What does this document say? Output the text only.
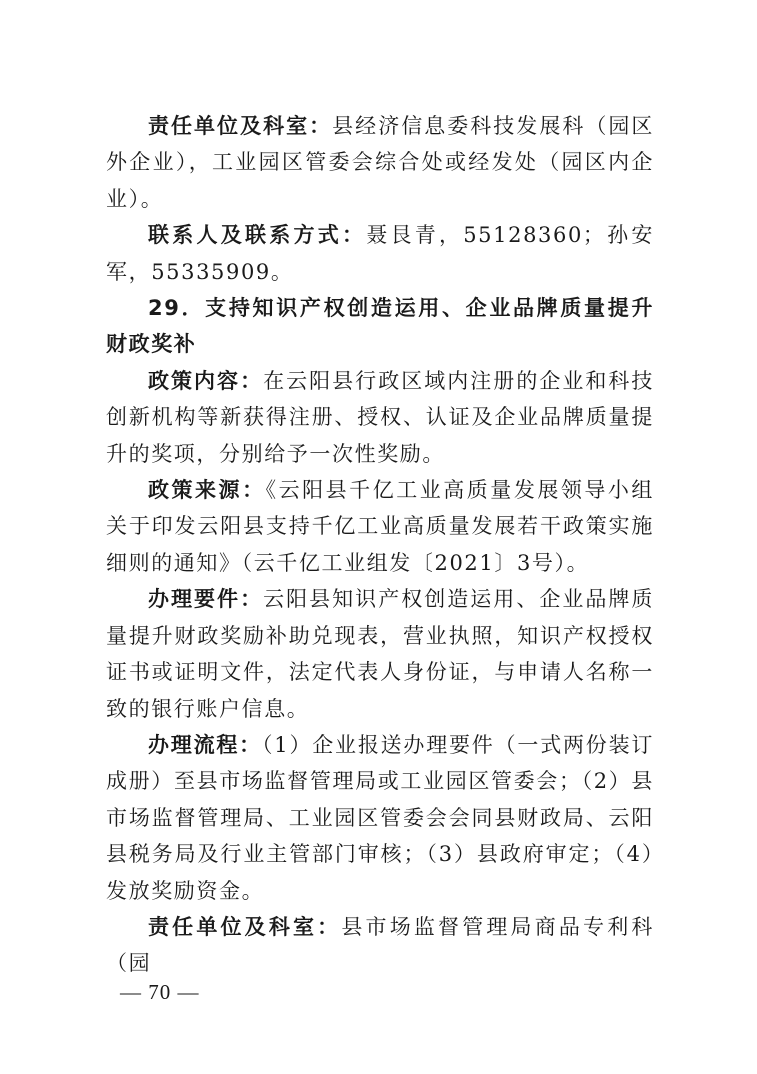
责任单位及科室：县经济信息委科技发展科（园区外企业），工业园区管委会综合处或经发处（园区内企业）。

联系人及联系方式：聂艮青，55128360；孙安军，55335909。

29．支持知识产权创造运用、企业品牌质量提升财政奖补

政策内容：在云阳县行政区域内注册的企业和科技创新机构等新获得注册、授权、认证及企业品牌质量提升的奖项，分别给予一次性奖励。

政策来源：《云阳县千亿工业高质量发展领导小组关于印发云阳县支持千亿工业高质量发展若干政策实施细则的通知》（云千亿工业组发〔2021〕3号）。

办理要件：云阳县知识产权创造运用、企业品牌质量提升财政奖励补助兑现表，营业执照，知识产权授权证书或证明文件，法定代表人身份证，与申请人名称一致的银行账户信息。

办理流程：（1）企业报送办理要件（一式两份装订成册）至县市场监督管理局或工业园区管委会；（2）县市场监督管理局、工业园区管委会会同县财政局、云阳县税务局及行业主管部门审核；（3）县政府审定；（4）发放奖励资金。

责任单位及科室：县市场监督管理局商品专利科（园

— 70 —
